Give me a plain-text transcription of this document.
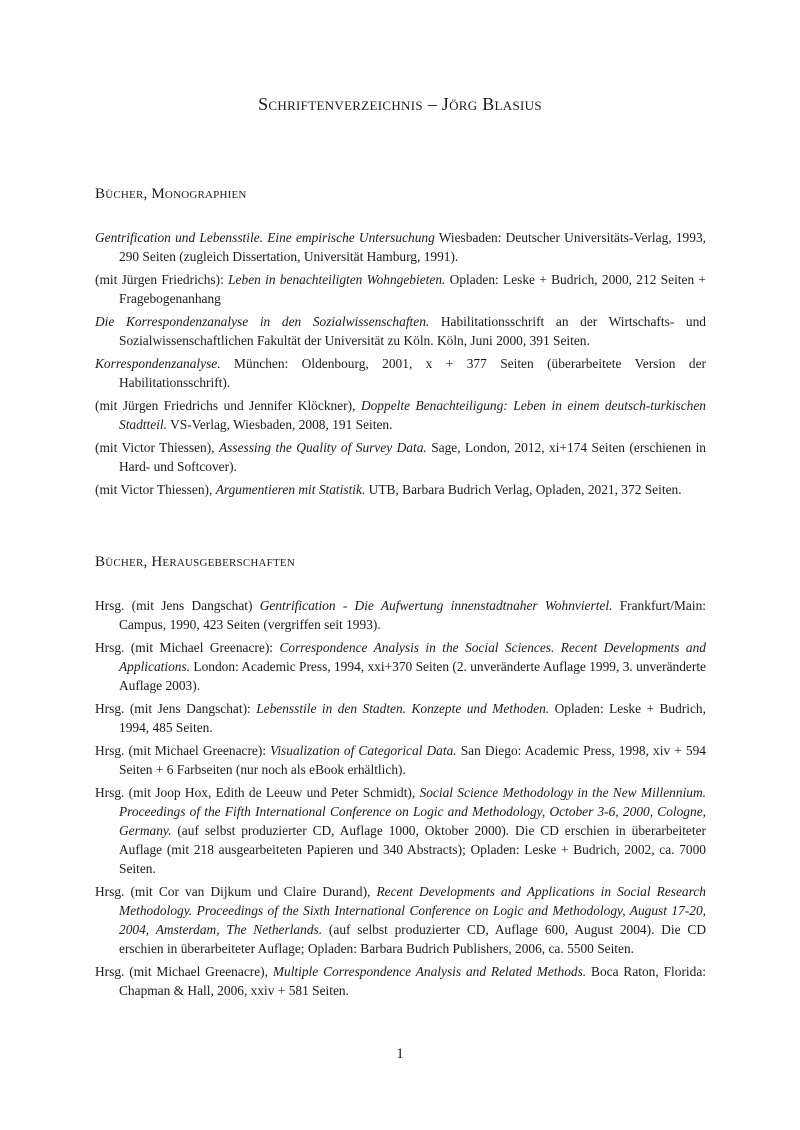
Schriftenverzeichnis – Jörg Blasius
Bücher, Monographien
Gentrification und Lebensstile. Eine empirische Untersuchung Wiesbaden: Deutscher Universitäts-Verlag, 1993, 290 Seiten (zugleich Dissertation, Universität Hamburg, 1991).
(mit Jürgen Friedrichs): Leben in benachteiligten Wohngebieten. Opladen: Leske + Budrich, 2000, 212 Seiten + Fragebogenanhang
Die Korrespondenzanalyse in den Sozialwissenschaften. Habilitationsschrift an der Wirtschafts- und Sozialwissenschaftlichen Fakultät der Universität zu Köln. Köln, Juni 2000, 391 Seiten.
Korrespondenzanalyse. München: Oldenbourg, 2001, x + 377 Seiten (überarbeitete Version der Habilitationsschrift).
(mit Jürgen Friedrichs und Jennifer Klöckner), Doppelte Benachteiligung: Leben in einem deutsch-turkischen Stadtteil. VS-Verlag, Wiesbaden, 2008, 191 Seiten.
(mit Victor Thiessen), Assessing the Quality of Survey Data. Sage, London, 2012, xi+174 Seiten (erschienen in Hard- und Softcover).
(mit Victor Thiessen), Argumentieren mit Statistik. UTB, Barbara Budrich Verlag, Opladen, 2021, 372 Seiten.
Bücher, Herausgeberschaften
Hrsg. (mit Jens Dangschat) Gentrification - Die Aufwertung innenstadtnaher Wohnviertel. Frankfurt/Main: Campus, 1990, 423 Seiten (vergriffen seit 1993).
Hrsg. (mit Michael Greenacre): Correspondence Analysis in the Social Sciences. Recent Developments and Applications. London: Academic Press, 1994, xxi+370 Seiten (2. unveränderte Auflage 1999, 3. unveränderte Auflage 2003).
Hrsg. (mit Jens Dangschat): Lebensstile in den Stadten. Konzepte und Methoden. Opladen: Leske + Budrich, 1994, 485 Seiten.
Hrsg. (mit Michael Greenacre): Visualization of Categorical Data. San Diego: Academic Press, 1998, xiv + 594 Seiten + 6 Farbseiten (nur noch als eBook erhältlich).
Hrsg. (mit Joop Hox, Edith de Leeuw und Peter Schmidt), Social Science Methodology in the New Millennium. Proceedings of the Fifth International Conference on Logic and Methodology, October 3-6, 2000, Cologne, Germany. (auf selbst produzierter CD, Auflage 1000, Oktober 2000). Die CD erschien in überarbeiteter Auflage (mit 218 ausgearbeiteten Papieren und 340 Abstracts); Opladen: Leske + Budrich, 2002, ca. 7000 Seiten.
Hrsg. (mit Cor van Dijkum und Claire Durand), Recent Developments and Applications in Social Research Methodology. Proceedings of the Sixth International Conference on Logic and Methodology, August 17-20, 2004, Amsterdam, The Netherlands. (auf selbst produzierter CD, Auflage 600, August 2004). Die CD erschien in überarbeiteter Auflage; Opladen: Barbara Budrich Publishers, 2006, ca. 5500 Seiten.
Hrsg. (mit Michael Greenacre), Multiple Correspondence Analysis and Related Methods. Boca Raton, Florida: Chapman & Hall, 2006, xxiv + 581 Seiten.
1
